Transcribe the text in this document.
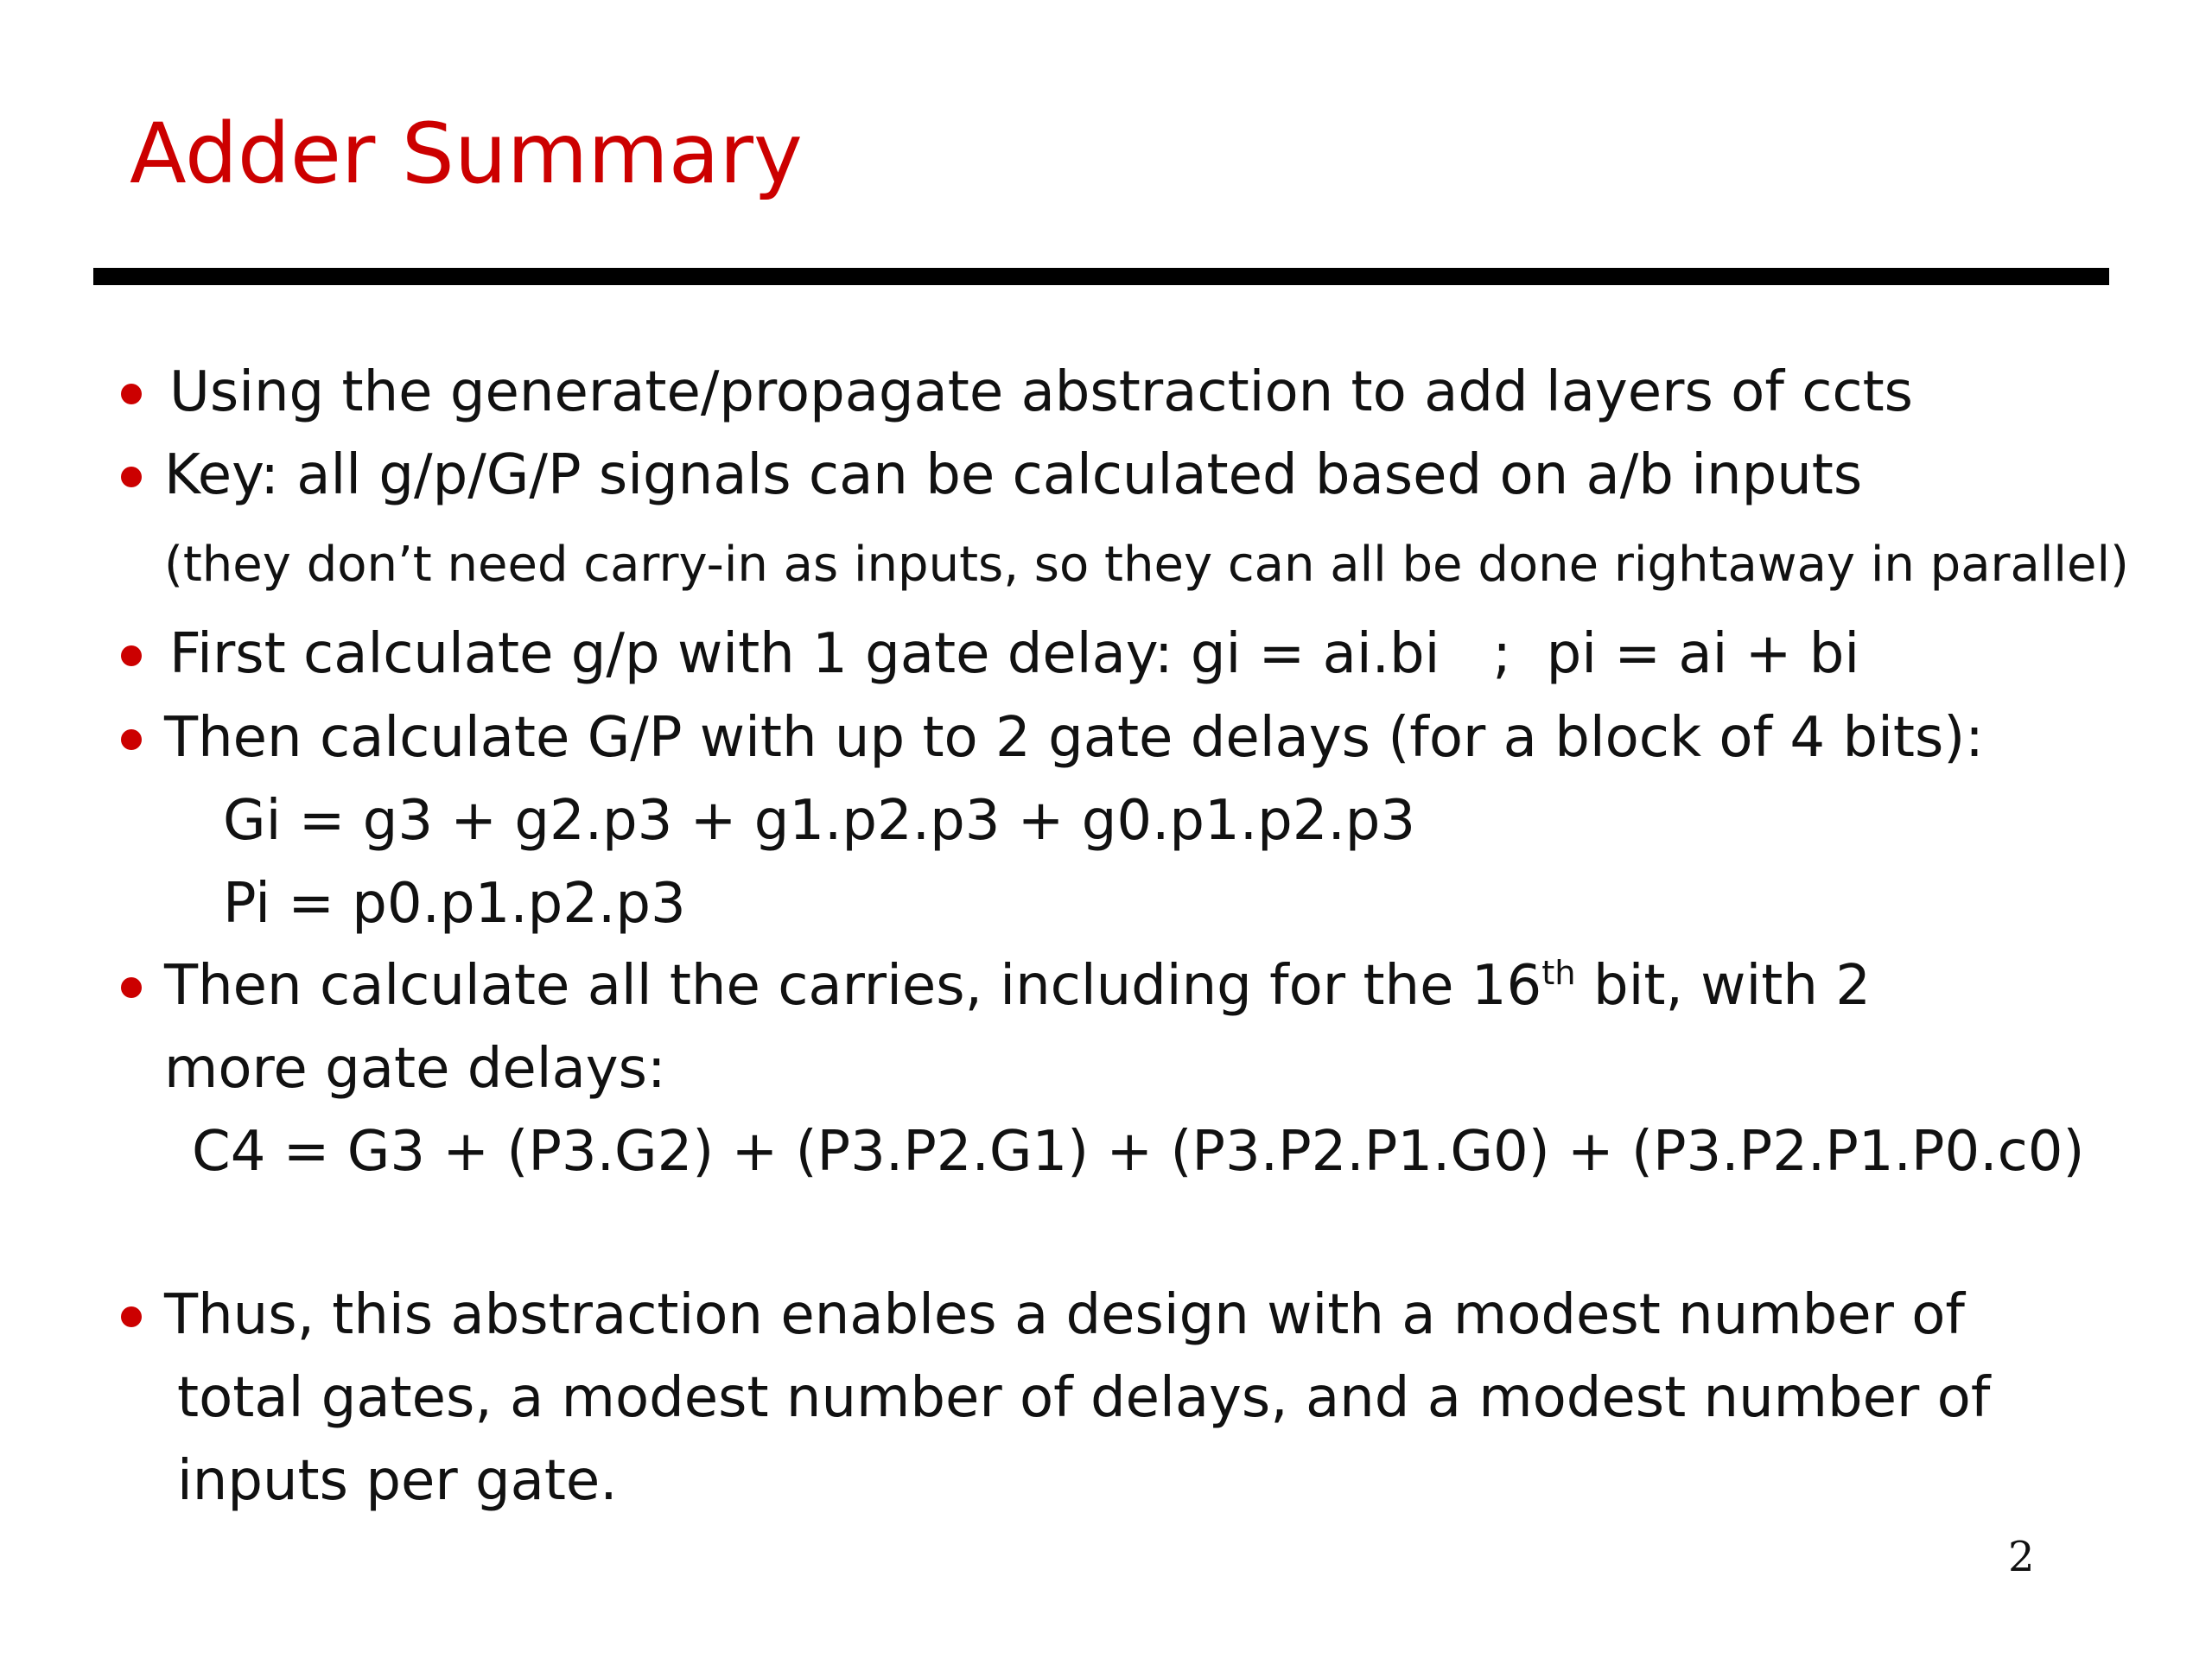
Adder Summary
Using the generate/propagate abstraction to add layers of ccts
Key: all g/p/G/P signals can be calculated based on a/b inputs
(they don’t need carry-in as inputs, so they can all be done rightaway in parallel)
First calculate g/p with 1 gate delay: gi = ai.bi   ;  pi = ai + bi
Then calculate G/P with up to 2 gate delays (for a block of 4 bits):
Gi = g3 + g2.p3 + g1.p2.p3 + g0.p1.p2.p3
Pi = p0.p1.p2.p3
Then calculate all the carries, including for the 16th bit, with 2
more gate delays:
C4 = G3 + (P3.G2) + (P3.P2.G1) + (P3.P2.P1.G0) + (P3.P2.P1.P0.c0)
Thus, this abstraction enables a design with a modest number of
total gates, a modest number of delays, and a modest number of
inputs per gate.
2
